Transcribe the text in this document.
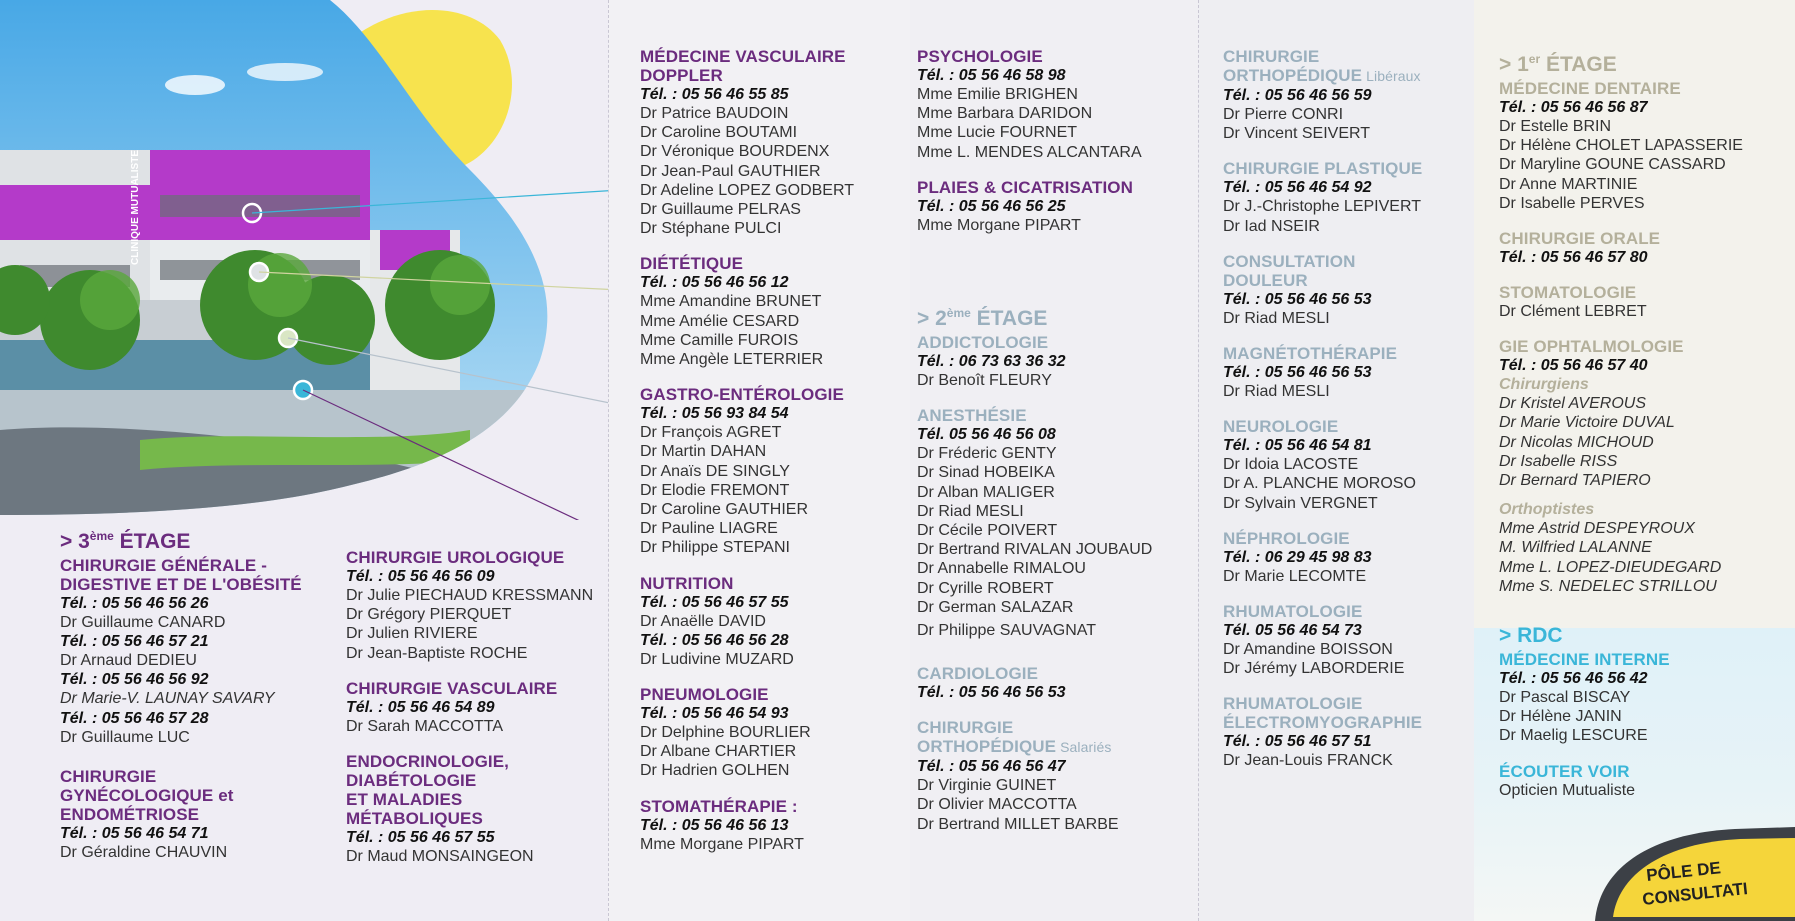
CLINIQUE MUTUALISTE
> 3ème ÉTAGE
CHIRURGIE GÉNÉRALE -
DIGESTIVE ET DE L'OBÉSITÉ
Tél. : 05 56 46 56 26
Dr Guillaume CANARD
Tél. : 05 56 46 57 21
Dr Arnaud DEDIEU
Tél. : 05 56 46 56 92
Dr Marie-V. LAUNAY SAVARY
Tél. : 05 56 46 57 28
Dr Guillaume LUC
CHIRURGIE
GYNÉCOLOGIQUE et
ENDOMÉTRIOSE
Tél. : 05 56 46 54 71
Dr Géraldine CHAUVIN
CHIRURGIE UROLOGIQUE
Tél. : 05 56 46 56 09
Dr Julie PIECHAUD KRESSMANN
Dr Grégory PIERQUET
Dr Julien RIVIERE
Dr Jean-Baptiste ROCHE
CHIRURGIE VASCULAIRE
Tél. : 05 56 46 54 89
Dr Sarah MACCOTTA
ENDOCRINOLOGIE,
DIABÉTOLOGIE
ET MALADIES
MÉTABOLIQUES
Tél. : 05 56 46 57 55
Dr Maud MONSAINGEON
MÉDECINE VASCULAIRE
DOPPLER
Tél. : 05 56 46 55 85
Dr Patrice BAUDOIN
Dr Caroline BOUTAMI
Dr Véronique BOURDENX
Dr Jean-Paul GAUTHIER
Dr Adeline LOPEZ GODBERT
Dr Guillaume PELRAS
Dr Stéphane PULCI
DIÉTÉTIQUE
Tél. : 05 56 46 56 12
Mme Amandine BRUNET
Mme Amélie CESARD
Mme Camille FUROIS
Mme Angèle LETERRIER
GASTRO-ENTÉROLOGIE
Tél. : 05 56 93 84 54
Dr François AGRET
Dr Martin DAHAN
Dr Anaïs DE SINGLY
Dr Elodie FREMONT
Dr Caroline GAUTHIER
Dr Pauline LIAGRE
Dr Philippe STEPANI
NUTRITION
Tél. : 05 56 46 57 55
Dr Anaëlle DAVID
Tél. : 05 56 46 56 28
Dr Ludivine MUZARD
PNEUMOLOGIE
Tél. : 05 56 46 54 93
Dr Delphine BOURLIER
Dr Albane CHARTIER
Dr Hadrien GOLHEN
STOMATHÉRAPIE :
Tél. : 05 56 46 56 13
Mme Morgane PIPART
PSYCHOLOGIE
Tél. : 05 56 46 58 98
Mme Emilie BRIGHEN
Mme Barbara DARIDON
Mme Lucie FOURNET
Mme L. MENDES ALCANTARA
PLAIES & CICATRISATION
Tél. : 05 56 46 56 25
Mme Morgane PIPART
> 2ème ÉTAGE
ADDICTOLOGIE
Tél. : 06 73 63 36 32
Dr Benoît FLEURY
ANESTHÉSIE
Tél. 05 56 46 56 08
Dr Fréderic GENTY
Dr Sinad HOBEIKA
Dr Alban MALIGER
Dr Riad MESLI
Dr Cécile POIVERT
Dr Bertrand RIVALAN JOUBAUD
Dr Annabelle RIMALOU
Dr Cyrille ROBERT
Dr German SALAZAR
Dr Philippe SAUVAGNAT
CARDIOLOGIE
Tél. : 05 56 46 56 53
CHIRURGIE
ORTHOPÉDIQUE Salariés
Tél. : 05 56 46 56 47
Dr Virginie GUINET
Dr Olivier MACCOTTA
Dr Bertrand MILLET BARBE
CHIRURGIE
ORTHOPÉDIQUE Libéraux
Tél. : 05 56 46 56 59
Dr Pierre CONRI
Dr Vincent SEIVERT
CHIRURGIE PLASTIQUE
Tél. : 05 56 46 54 92
Dr J.-Christophe LEPIVERT
Dr Iad NSEIR
CONSULTATION
DOULEUR
Tél. : 05 56 46 56 53
Dr Riad MESLI
MAGNÉTOTHÉRAPIE
Tél. : 05 56 46 56 53
Dr Riad MESLI
NEUROLOGIE
Tél. : 05 56 46 54 81
Dr Idoia LACOSTE
Dr A. PLANCHE MOROSO
Dr Sylvain VERGNET
NÉPHROLOGIE
Tél. : 06 29 45 98 83
Dr Marie LECOMTE
RHUMATOLOGIE
Tél. 05 56 46 54 73
Dr Amandine BOISSON
Dr Jérémy LABORDERIE
RHUMATOLOGIE
ÉLECTROMYOGRAPHIE
Tél. : 05 56 46 57 51
Dr Jean-Louis FRANCK
> 1er ÉTAGE
MÉDECINE DENTAIRE
Tél. : 05 56 46 56 87
Dr Estelle BRIN
Dr Hélène CHOLET LAPASSERIE
Dr Maryline GOUNE CASSARD
Dr Anne MARTINIE
Dr Isabelle PERVES
CHIRURGIE ORALE
Tél. : 05 56 46 57 80
STOMATOLOGIE
Dr Clément LEBRET
GIE OPHTALMOLOGIE
Tél. : 05 56 46 57 40
Chirurgiens
Dr Kristel AVEROUS
Dr Marie Victoire DUVAL
Dr Nicolas MICHOUD
Dr Isabelle RISS
Dr Bernard TAPIERO
Orthoptistes
Mme Astrid DESPEYROUX
M. Wilfried LALANNE
Mme L. LOPEZ-DIEUDEGARD
Mme S. NEDELEC STRILLOU
> RDC
MÉDECINE INTERNE
Tél. : 05 56 46 56 42
Dr Pascal BISCAY
Dr Hélène JANIN
Dr Maelig LESCURE
ÉCOUTER VOIR
Opticien Mutualiste
PÔLE DE
CONSULTATI
